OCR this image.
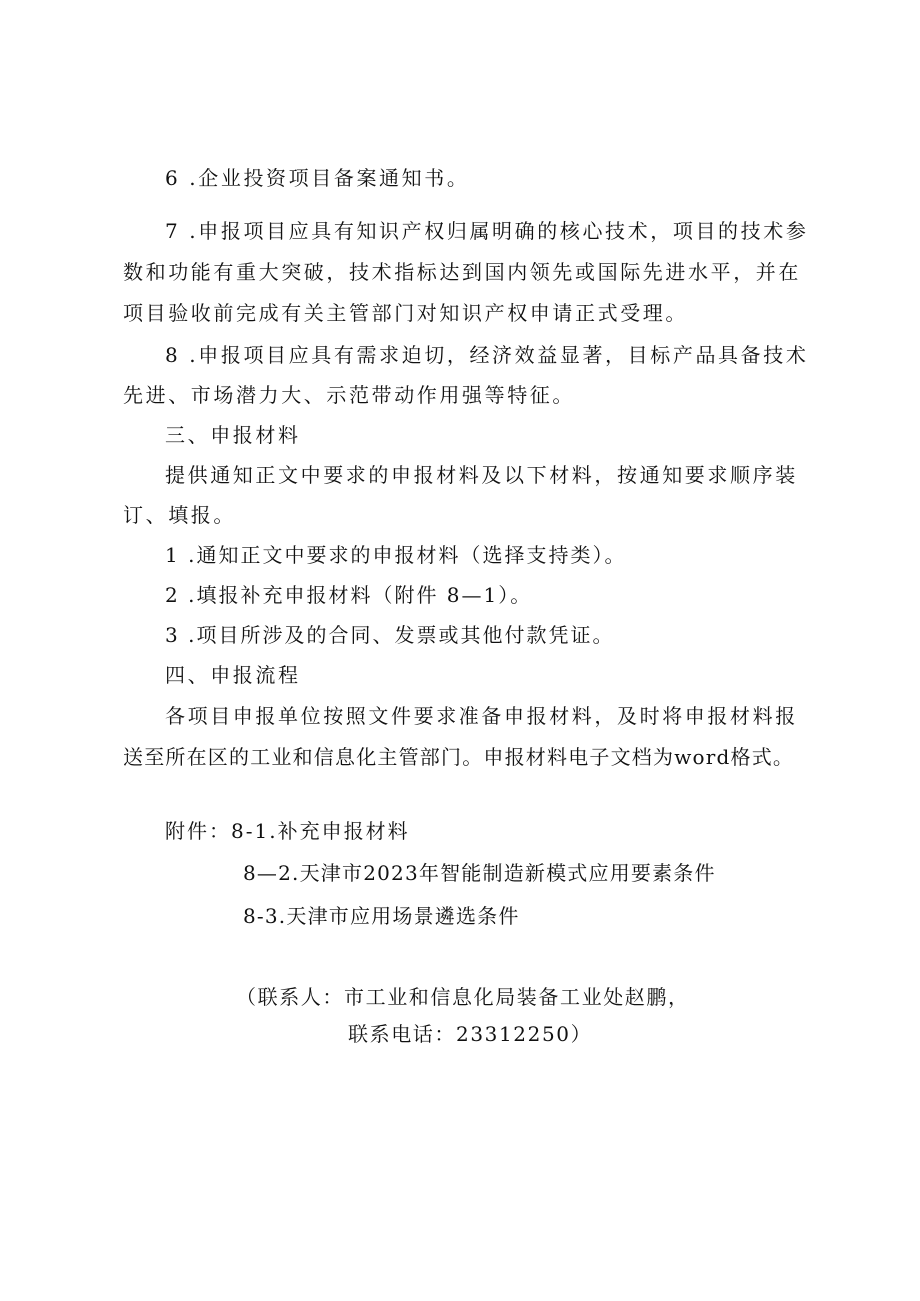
6 .企业投资项目备案通知书。
7 .申报项目应具有知识产权归属明确的核心技术，项目的技术参
数和功能有重大突破，技术指标达到国内领先或国际先进水平，并在
项目验收前完成有关主管部门对知识产权申请正式受理。
8 .申报项目应具有需求迫切，经济效益显著，目标产品具备技术
先进、市场潜力大、示范带动作用强等特征。
三、申报材料
提供通知正文中要求的申报材料及以下材料，按通知要求顺序装
订、填报。
1 .通知正文中要求的申报材料（选择支持类）。
2 .填报补充申报材料（附件 8—1）。
3 .项目所涉及的合同、发票或其他付款凭证。
四、申报流程
各项目申报单位按照文件要求准备申报材料，及时将申报材料报
送至所在区的工业和信息化主管部门。申报材料电子文档为word格式。
附件：8-1.补充申报材料
8—2.天津市2023年智能制造新模式应用要素条件
8-3.天津市应用场景遴选条件
（联系人：市工业和信息化局装备工业处赵鹏，
联系电话：23312250）
